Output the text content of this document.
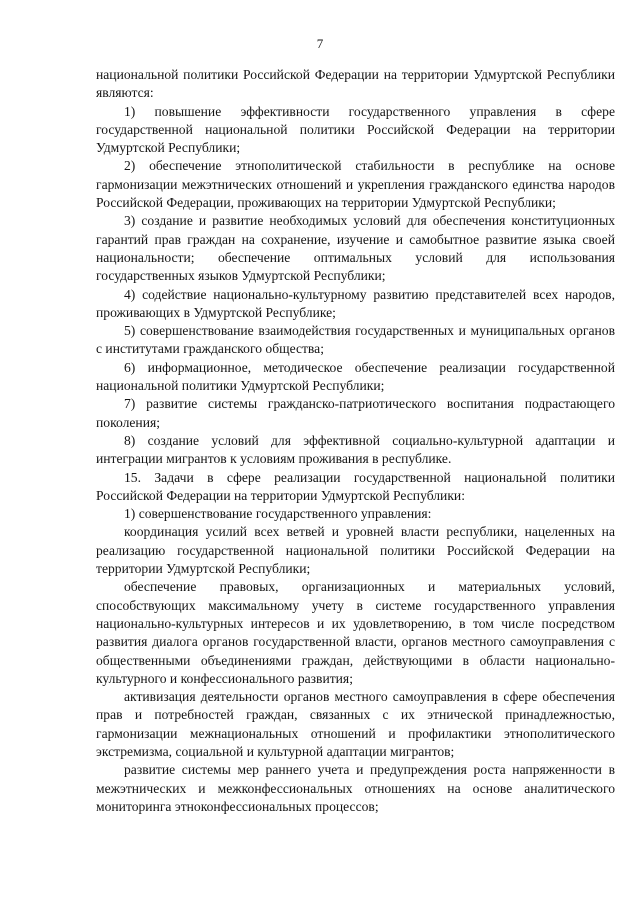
7

национальной политики Российской Федерации на территории Удмуртской Республики являются:

1) повышение эффективности государственного управления в сфере государственной национальной политики Российской Федерации на территории Удмуртской Республики;

2) обеспечение этнополитической стабильности в республике на основе гармонизации межэтнических отношений и укрепления гражданского единства народов Российской Федерации, проживающих на территории Удмуртской Республики;

3) создание и развитие необходимых условий для обеспечения конституционных гарантий прав граждан на сохранение, изучение и самобытное развитие языка своей национальности; обеспечение оптимальных условий для использования государственных языков Удмуртской Республики;

4) содействие национально-культурному развитию представителей всех народов, проживающих в Удмуртской Республике;

5) совершенствование взаимодействия государственных и муниципальных органов с институтами гражданского общества;

6) информационное, методическое обеспечение реализации государственной национальной политики Удмуртской Республики;

7) развитие системы гражданско-патриотического воспитания подрастающего поколения;

8) создание условий для эффективной социально-культурной адаптации и интеграции мигрантов к условиям проживания в республике.

15. Задачи в сфере реализации государственной национальной политики Российской Федерации на территории Удмуртской Республики:

1) совершенствование государственного управления:

координация усилий всех ветвей и уровней власти республики, нацеленных на реализацию государственной национальной политики Российской Федерации на территории Удмуртской Республики;

обеспечение правовых, организационных и материальных условий, способствующих максимальному учету в системе государственного управления национально-культурных интересов и их удовлетворению, в том числе посредством развития диалога органов государственной власти, органов местного самоуправления с общественными объединениями граждан, действующими в области национально-культурного и конфессионального развития;

активизация деятельности органов местного самоуправления в сфере обеспечения прав и потребностей граждан, связанных с их этнической принадлежностью, гармонизации межнациональных отношений и профилактики этнополитического экстремизма, социальной и культурной адаптации мигрантов;

развитие системы мер раннего учета и предупреждения роста напряженности в межэтнических и межконфессиональных отношениях на основе аналитического мониторинга этноконфессиональных процессов;
